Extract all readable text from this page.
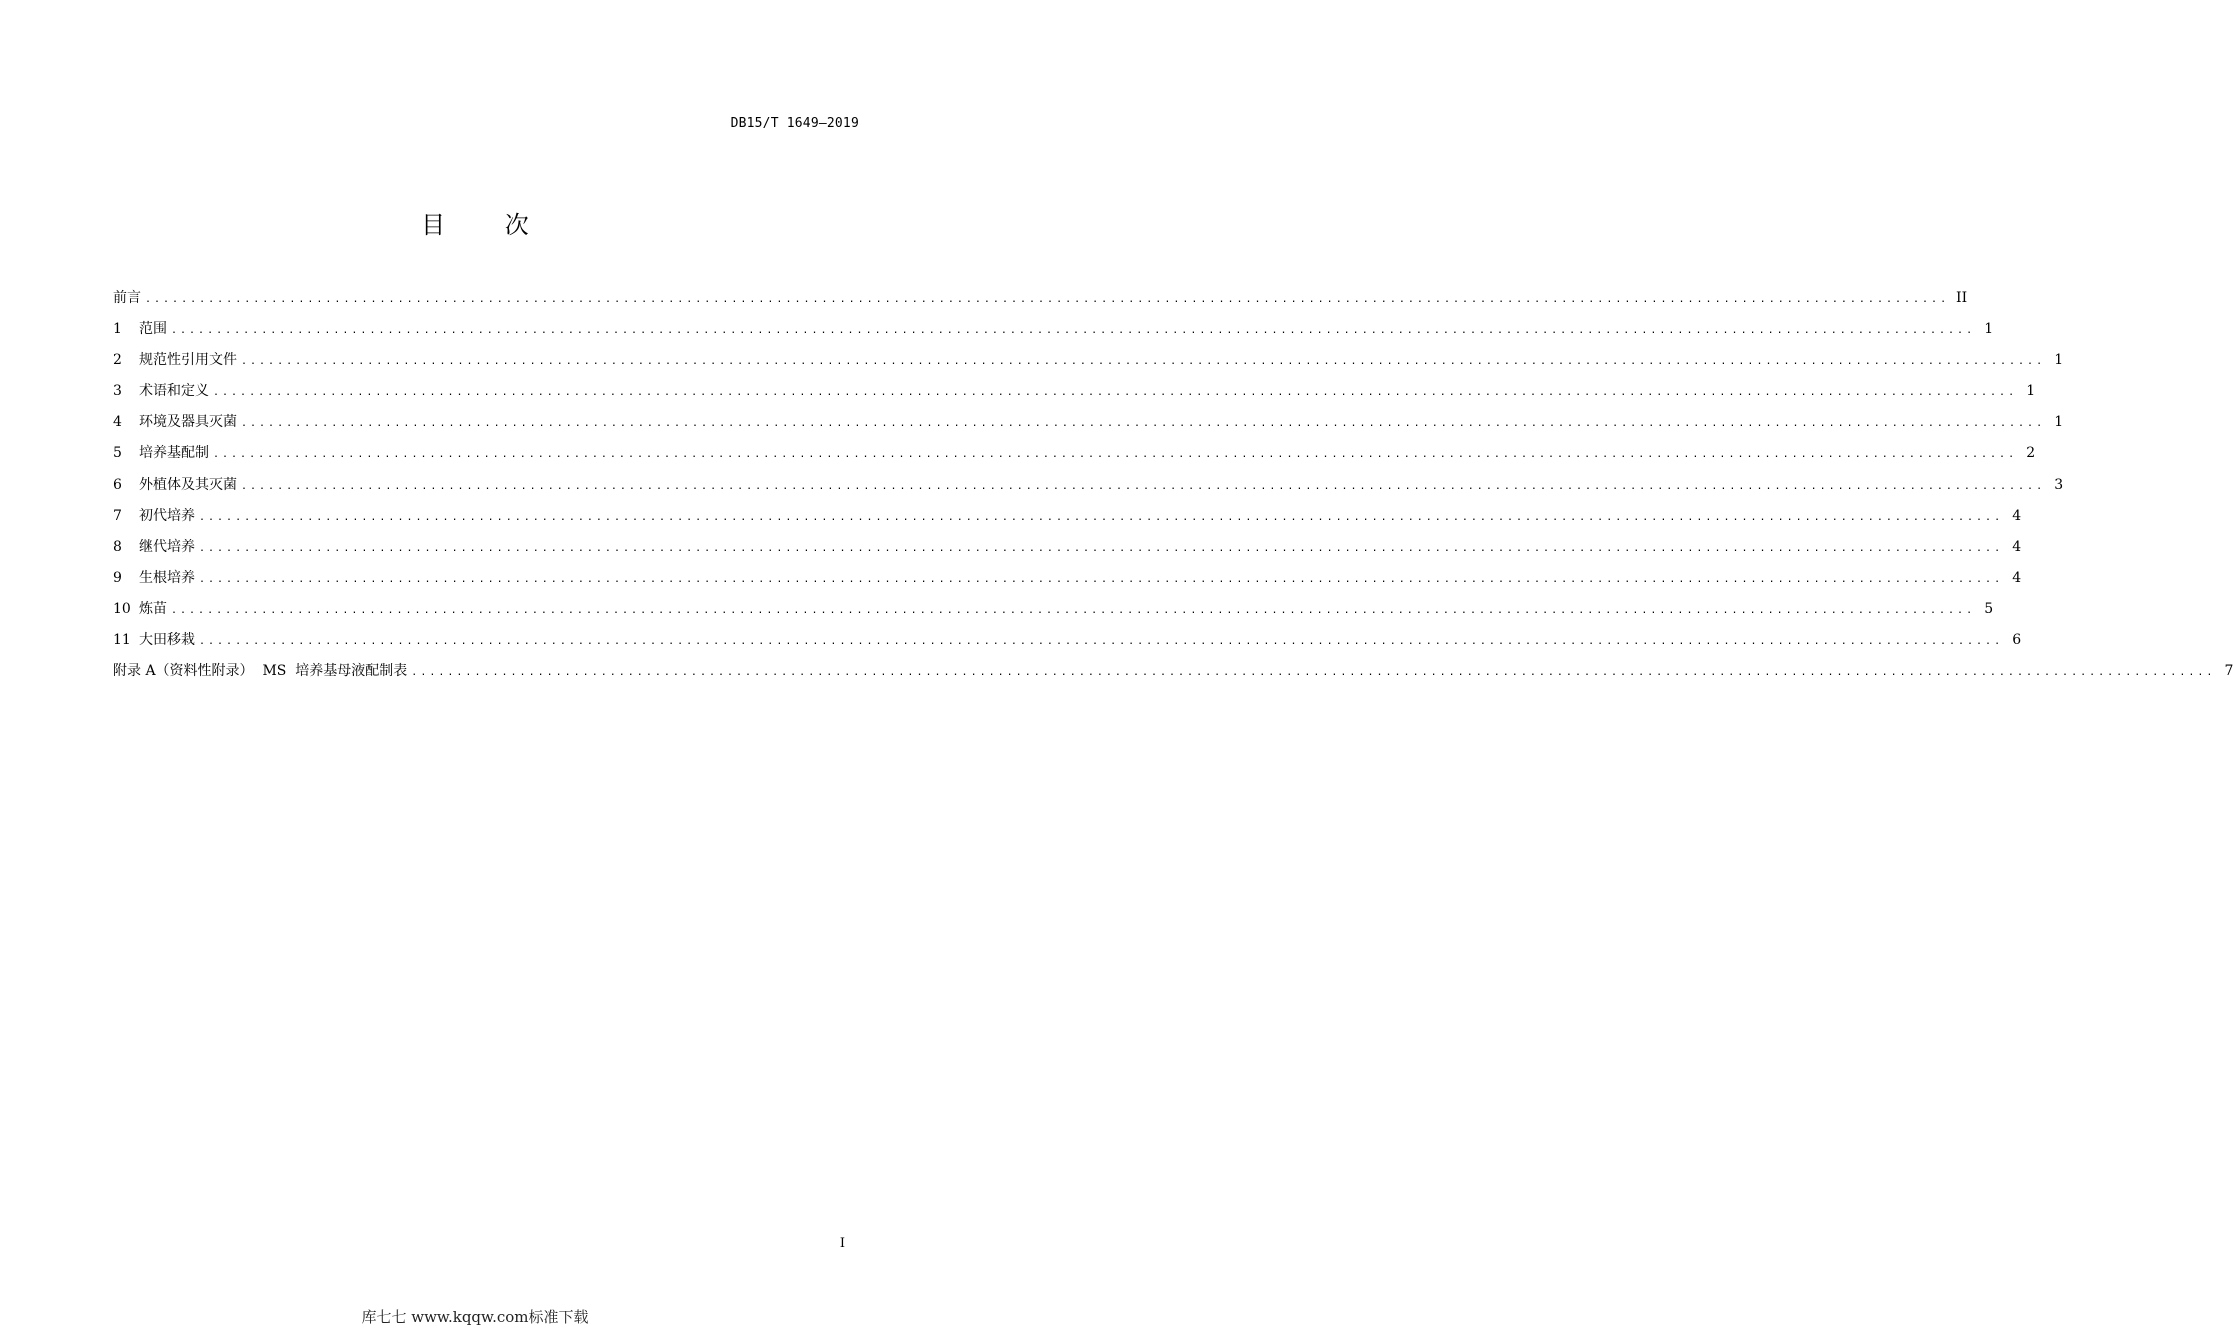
DB15/T 1649—2019
目 次
前言 ........................................................................................................................................................................................................ II
1	范围 ........................................................................................................................................................................................................ 1
2	规范性引用文件 ........................................................................................................................................................................................................ 1
3	术语和定义 ........................................................................................................................................................................................................ 1
4	环境及器具灭菌 ........................................................................................................................................................................................................ 1
5	培养基配制 ........................................................................................................................................................................................................ 2
6	外植体及其灭菌 ........................................................................................................................................................................................................ 3
7	初代培养 ........................................................................................................................................................................................................ 4
8	继代培养 ........................................................................................................................................................................................................ 4
9	生根培养 ........................................................................................................................................................................................................ 4
10 炼苗 ........................................................................................................................................................................................................ 5
11 大田移栽 ........................................................................................................................................................................................................ 6
附录 A（资料性附录）  MS  培养基母液配制表 ........................................................................................................................................................................................................ 7
I
库七七 www.kqqw.com标准下载
